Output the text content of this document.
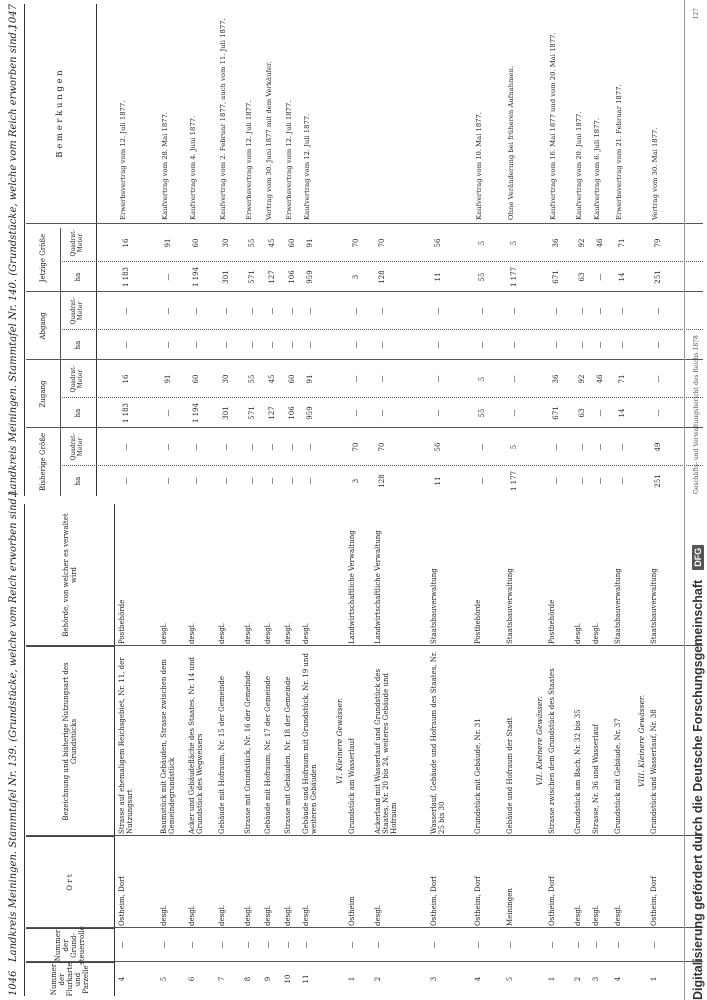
1046
Landkreis Meiningen. Stammtafel Nr. 139. (Grundstücke, welche vom Reich erworben sind.)
Nummer der Flurkarte und Parzelle
Nummer der Grund-steuerrolle
O r t
Bezeichnung und bisherige Nutzungsart des Grundstücks
Behörde, von welcher es verwaltet wird
4
—
Ostheim, Dorf
Strasse auf ehemaligem Reichsgebiet, Nr. 11, der Nutzungsart
Postbehörde
5
—
desgl.
Baumstück mit Gebäuden, Strasse zwischen dem Gemeindegrundstück
desgl.
6
—
desgl.
Acker und Gebäudefläche des Staates, Nr. 14 und Grundstück des Wegweisers
desgl.
7
—
desgl.
Gebäude mit Hofraum, Nr. 15 der Gemeinde
desgl.
8
—
desgl.
Strasse mit Grundstück, Nr. 16 der Gemeinde
desgl.
9
—
desgl.
Gebäude mit Hofraum, Nr. 17 der Gemeinde
desgl.
10
—
desgl.
Strasse mit Gebäuden, Nr. 18 der Gemeinde
desgl.
11
—
desgl.
Gebäude und Hofraum mit Grundstück, Nr. 19 und weiteren Gebäuden
desgl.
VI. Kleinere Gewässer.
1
—
Ostheim
Grundstück am Wasserlauf
Landwirtschaftliche Verwaltung
2
—
desgl.
Ackerland mit Wasserlauf und Grundstück des Staates, Nr. 20 bis 24, weiteres Gebäude und Hofraum
Landwirtschaftliche Verwaltung
3
—
Ostheim, Dorf
Wasserlauf, Gebäude und Hofraum des Staates, Nr. 25 bis 30
Staatsbauverwaltung
4
—
Ostheim, Dorf
Grundstück mit Gebäude, Nr. 31
Postbehörde
5
—
Meiningen
Gebäude und Hofraum der Stadt
Staatsbauverwaltung
VII. Kleinere Gewässer.
1
—
Ostheim, Dorf
Strasse zwischen dem Grundstück des Staates
Postbehörde
2
—
desgl.
Grundstück am Bach, Nr. 32 bis 35
desgl.
3
—
desgl.
Strasse, Nr. 36 und Wasserlauf
desgl.
4
—
desgl.
Grundstück mit Gebäude, Nr. 37
Staatsbauverwaltung
VIII. Kleinere Gewässer.
1
—
Ostheim, Dorf
Grundstück und Wasserlauf, Nr. 38
Staatsbauverwaltung
Landkreis Meiningen. Stammtafel Nr. 140. (Grundstücke, welche vom Reich erworben sind.)
1047
Bisherige Größe
Zugang
Abgang
Jetzige Größe
B e m e r k u n g e n
ha
Quadrat-Meter
ha
Quadrat-Meter
ha
Quadrat-Meter
ha
Quadrat-Meter
—
—
1 183
16
—
—
1 183
16
Erwerbsvertrag vom 12. Juli 1877.
—
—
—
91
—
—
—
91
Kaufvertrag vom 28. Mai 1877.
—
—
1 194
60
—
—
1 194
60
Kaufvertrag vom 4. Juni 1877.
—
—
301
30
—
—
301
30
Kaufvertrag vom 2. Februar 1877, auch vom 11. Juli 1877.
—
—
571
55
—
—
571
55
Erwerbsvertrag vom 12. Juli 1877.
—
—
127
45
—
—
127
45
Vertrag vom 30. Juni 1877 mit dem Verkäufer.
—
—
106
60
—
—
106
60
Erwerbsvertrag vom 12. Juli 1877.
—
—
959
91
—
—
959
91
Kaufvertrag vom 12. Juli 1877.
3
70
—
—
—
—
3
70
128
70
—
—
—
—
128
70
11
56
—
—
—
—
11
56
—
—
55
5
—
—
55
5
Kaufvertrag vom 10. Mai 1877.
1 177
5
—
—
—
—
1 177
5
Ohne Veränderung bei früheren Aufnahmen.
—
—
671
36
—
—
671
36
Kaufvertrag vom 16. Mai 1877 und vom 20. Mai 1877.
—
—
63
92
—
—
63
92
Kaufvertrag vom 20. Juni 1877.
—
—
—
46
—
—
—
46
Kaufvertrag vom 6. Juli 1877.
—
—
14
71
—
—
14
71
Erwerbsvertrag vom 21. Februar 1877.
251
49
—
—
—
—
251
79
Vertrag vom 30. Mai 1877.
Geschäfts- und Verwaltungsbericht des Reichs 1878
127
Digitalisierung gefördert durch die Deutsche Forschungsgemeinschaft
DFG
